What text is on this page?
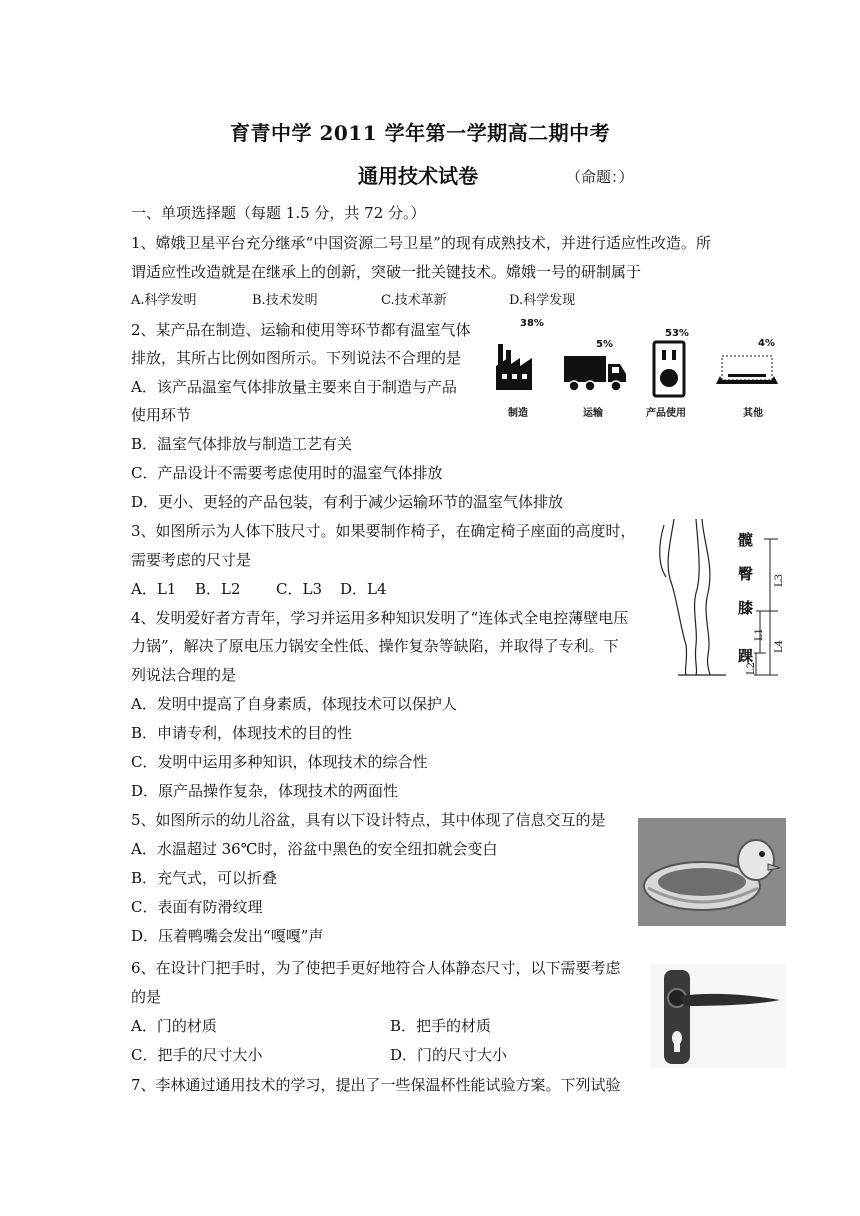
育青中学 2011 学年第一学期高二期中考
通用技术试卷	（命题：）
一、单项选择题（每题 1.5 分，共 72 分。）
1、嫦娥卫星平台充分继承“中国资源二号卫星”的现有成熟技术，并进行适应性改造。所
谓适应性改造就是在继承上的创新，突破一批关键技术。嫦娥一号的研制属于
A.科学发明	B.技术发明	C.技术革新	D.科学发现
2、某产品在制造、运输和使用等环节都有温室气体
排放，其所占比例如图所示。下列说法不合理的是
A．该产品温室气体排放量主要来自于制造与产品
使用环节
B．温室气体排放与制造工艺有关
C．产品设计不需要考虑使用时的温室气体排放
D．更小、更轻的产品包装，有利于减少运输环节的温室气体排放
38%
5%
53%
4%
制造	运输	产品使用	其他
3、如图所示为人体下肢尺寸。如果要制作椅子，在确定椅子座面的高度时，
需要考虑的尺寸是
A．L1 B．L2 C．L3 D．L4
髋
臀
膝
踝
L3
L1
L4
L2
4、发明爱好者方青年，学习并运用多种知识发明了“连体式全电控薄壁电压
力锅”，解决了原电压力锅安全性低、操作复杂等缺陷，并取得了专利。下
列说法合理的是
A．发明中提高了自身素质，体现技术可以保护人
B．申请专利，体现技术的目的性
C．发明中运用多种知识，体现技术的综合性
D．原产品操作复杂，体现技术的两面性
5、如图所示的幼儿浴盆，具有以下设计特点，其中体现了信息交互的是
A．水温超过 36℃时，浴盆中黑色的安全纽扣就会变白
B．充气式，可以折叠
C．表面有防滑纹理
D．压着鸭嘴会发出“嘎嘎”声
6、在设计门把手时，为了使把手更好地符合人体静态尺寸，以下需要考虑
的是
A．门的材质	B．把手的材质
C．把手的尺寸大小	D．门的尺寸大小
7、李林通过通用技术的学习，提出了一些保温杯性能试验方案。下列试验
